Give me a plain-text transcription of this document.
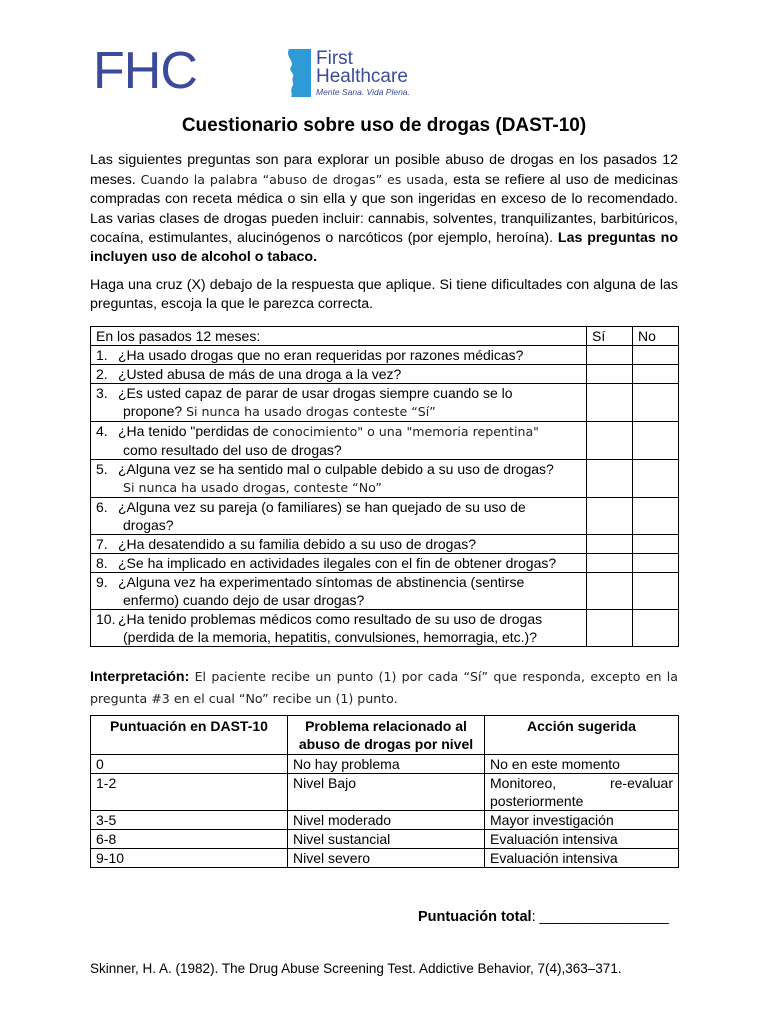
FHC	First
Healthcare
Mente Sana. Vida Plena.
Cuestionario sobre uso de drogas (DAST-10)

Las siguientes preguntas son para explorar un posible abuso de drogas en los pasados 12 meses. Cuando la palabra “abuso de drogas” es usada, esta se refiere al uso de medicinas compradas con receta médica o sin ella y que son ingeridas en exceso de lo recomendado. Las varias clases de drogas pueden incluir: cannabis, solventes, tranquilizantes, barbitúricos, cocaína, estimulantes, alucinógenos o narcóticos (por ejemplo, heroína). Las preguntas no incluyen uso de alcohol o tabaco.

Haga una cruz (X) debajo de la respuesta que aplique. Si tiene dificultades con alguna de las preguntas, escoja la que le parezca correcta.

En los pasados 12 meses:	Sí	No
1. ¿Ha usado drogas que no eran requeridas por razones médicas?		
2. ¿Usted abusa de más de una droga a la vez?		
3. ¿Es usted capaz de parar de usar drogas siempre cuando se lo
propone? Si nunca ha usado drogas conteste “Sí”		
4. ¿Ha tenido "perdidas de conocimiento" o una "memoria repentina"
como resultado del uso de drogas?		
5. ¿Alguna vez se ha sentido mal o culpable debido a su uso de drogas?
Si nunca ha usado drogas, conteste “No”		
6. ¿Alguna vez su pareja (o familiares) se han quejado de su uso de
drogas?		
7. ¿Ha desatendido a su familia debido a su uso de drogas?		
8. ¿Se ha implicado en actividades ilegales con el fin de obtener drogas?		
9. ¿Alguna vez ha experimentado síntomas de abstinencia (sentirse
enfermo) cuando dejo de usar drogas?		
10. ¿Ha tenido problemas médicos como resultado de su uso de drogas
(perdida de la memoria, hepatitis, convulsiones, hemorragia, etc.)?		

Interpretación: El paciente recibe un punto (1) por cada “Sí” que responda, excepto en la pregunta #3 en el cual “No” recibe un (1) punto.

Puntuación en DAST-10	Problema relacionado al abuso de drogas por nivel	Acción sugerida
0	No hay problema	No en este momento
1-2	Nivel Bajo	Monitoreo, re-evaluar posteriormente
3-5	Nivel moderado	Mayor investigación
6-8	Nivel sustancial	Evaluación intensiva
9-10	Nivel severo	Evaluación intensiva
Puntuación total: ________________
Skinner, H. A. (1982). The Drug Abuse Screening Test. Addictive Behavior, 7(4),363–371.
